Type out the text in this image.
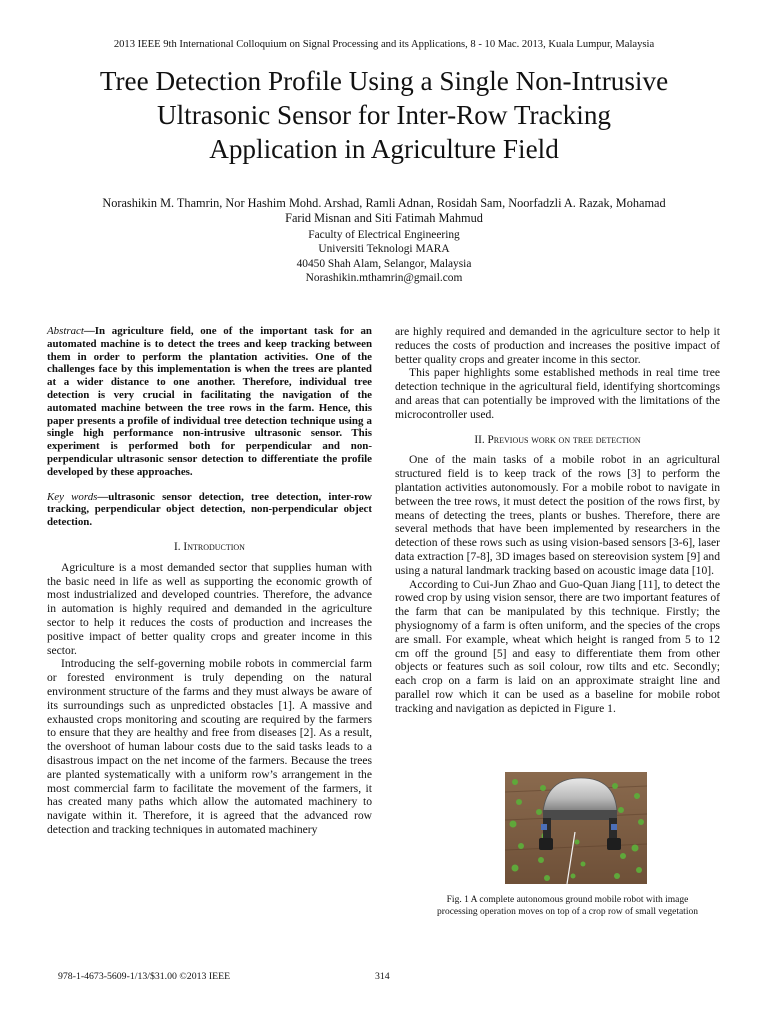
2013 IEEE 9th International Colloquium on Signal Processing and its Applications, 8 - 10 Mac. 2013, Kuala Lumpur, Malaysia
Tree Detection Profile Using a Single Non-Intrusive
Ultrasonic Sensor for Inter-Row Tracking
Application in Agriculture Field
Norashikin M. Thamrin, Nor Hashim Mohd. Arshad, Ramli Adnan, Rosidah Sam, Noorfadzli A. Razak, Mohamad
Farid Misnan and Siti Fatimah Mahmud
Faculty of Electrical Engineering
Universiti Teknologi MARA
40450 Shah Alam, Selangor, Malaysia
Norashikin.mthamrin@gmail.com

Abstract—In agriculture field, one of the important task for an automated machine is to detect the trees and keep tracking between them in order to perform the plantation activities. One of the challenges face by this implementation is when the trees are planted at a wider distance to one another. Therefore, individual tree detection is very crucial in facilitating the navigation of the automated machine between the tree rows in the farm. Hence, this paper presents a profile of individual tree detection technique using a single high performance non-intrusive ultrasonic sensor. This experiment is performed both for perpendicular and non-perpendicular ultrasonic sensor detection to differentiate the profile developed by these approaches.

Key words—ultrasonic sensor detection, tree detection, inter-row tracking, perpendicular object detection, non-perpendicular object detection.

I. Introduction

Agriculture is a most demanded sector that supplies human with the basic need in life as well as supporting the economic growth of most industrialized and developed countries. Therefore, the advance in automation is highly required and demanded in the agriculture sector to help it reduces the costs of production and increases the positive impact of better quality crops and greater income in this sector.

Introducing the self-governing mobile robots in commercial farm or forested environment is truly depending on the natural environment structure of the farms and they must always be aware of its surroundings such as unpredicted obstacles [1]. A massive and exhausted crops monitoring and scouting are required by the farmers to ensure that they are healthy and free from diseases [2]. As a result, the overshoot of human labour costs due to the said tasks leads to a disastrous impact on the net income of the farmers. Because the trees are planted systematically with a uniform row’s arrangement in the most commercial farm to facilitate the movement of the farmers, it has created many paths which allow the automated machinery to navigate within it. Therefore, it is agreed that the advanced row detection and tracking techniques in automated machinery

are highly required and demanded in the agriculture sector to help it reduces the costs of production and increases the positive impact of better quality crops and greater income in this sector.

This paper highlights some established methods in real time tree detection technique in the agricultural field, identifying shortcomings and areas that can potentially be improved with the limitations of the microcontroller used.

II. Previous work on tree detection

One of the main tasks of a mobile robot in an agricultural structured field is to keep track of the rows [3] to perform the plantation activities autonomously. For a mobile robot to navigate in between the tree rows, it must detect the position of the rows first, by means of detecting the trees, plants or bushes. Therefore, there are several methods that have been implemented by researchers in the detection of these rows such as using vision-based sensors [3-6], laser data extraction [7-8], 3D images based on stereovision system [9] and using a natural landmark tracking based on acoustic image data [10].

According to Cui-Jun Zhao and Guo-Quan Jiang [11], to detect the rowed crop by using vision sensor, there are two important features of the farm that can be manipulated by this technique. Firstly; the physiognomy of a farm is often uniform, and the species of the crops are small. For example, wheat which height is ranged from 5 to 12 cm off the ground [5] and easy to differentiate them from other objects or features such as soil colour, row tilts and etc. Secondly; each crop on a farm is laid on an approximate straight line and parallel row which it can be used as a baseline for mobile robot tracking and navigation as depicted in Figure 1.

Fig. 1 A complete autonomous ground mobile robot with image
processing operation moves on top of a crop row of small vegetation
978-1-4673-5609-1/13/$31.00 ©2013 IEEE	314
